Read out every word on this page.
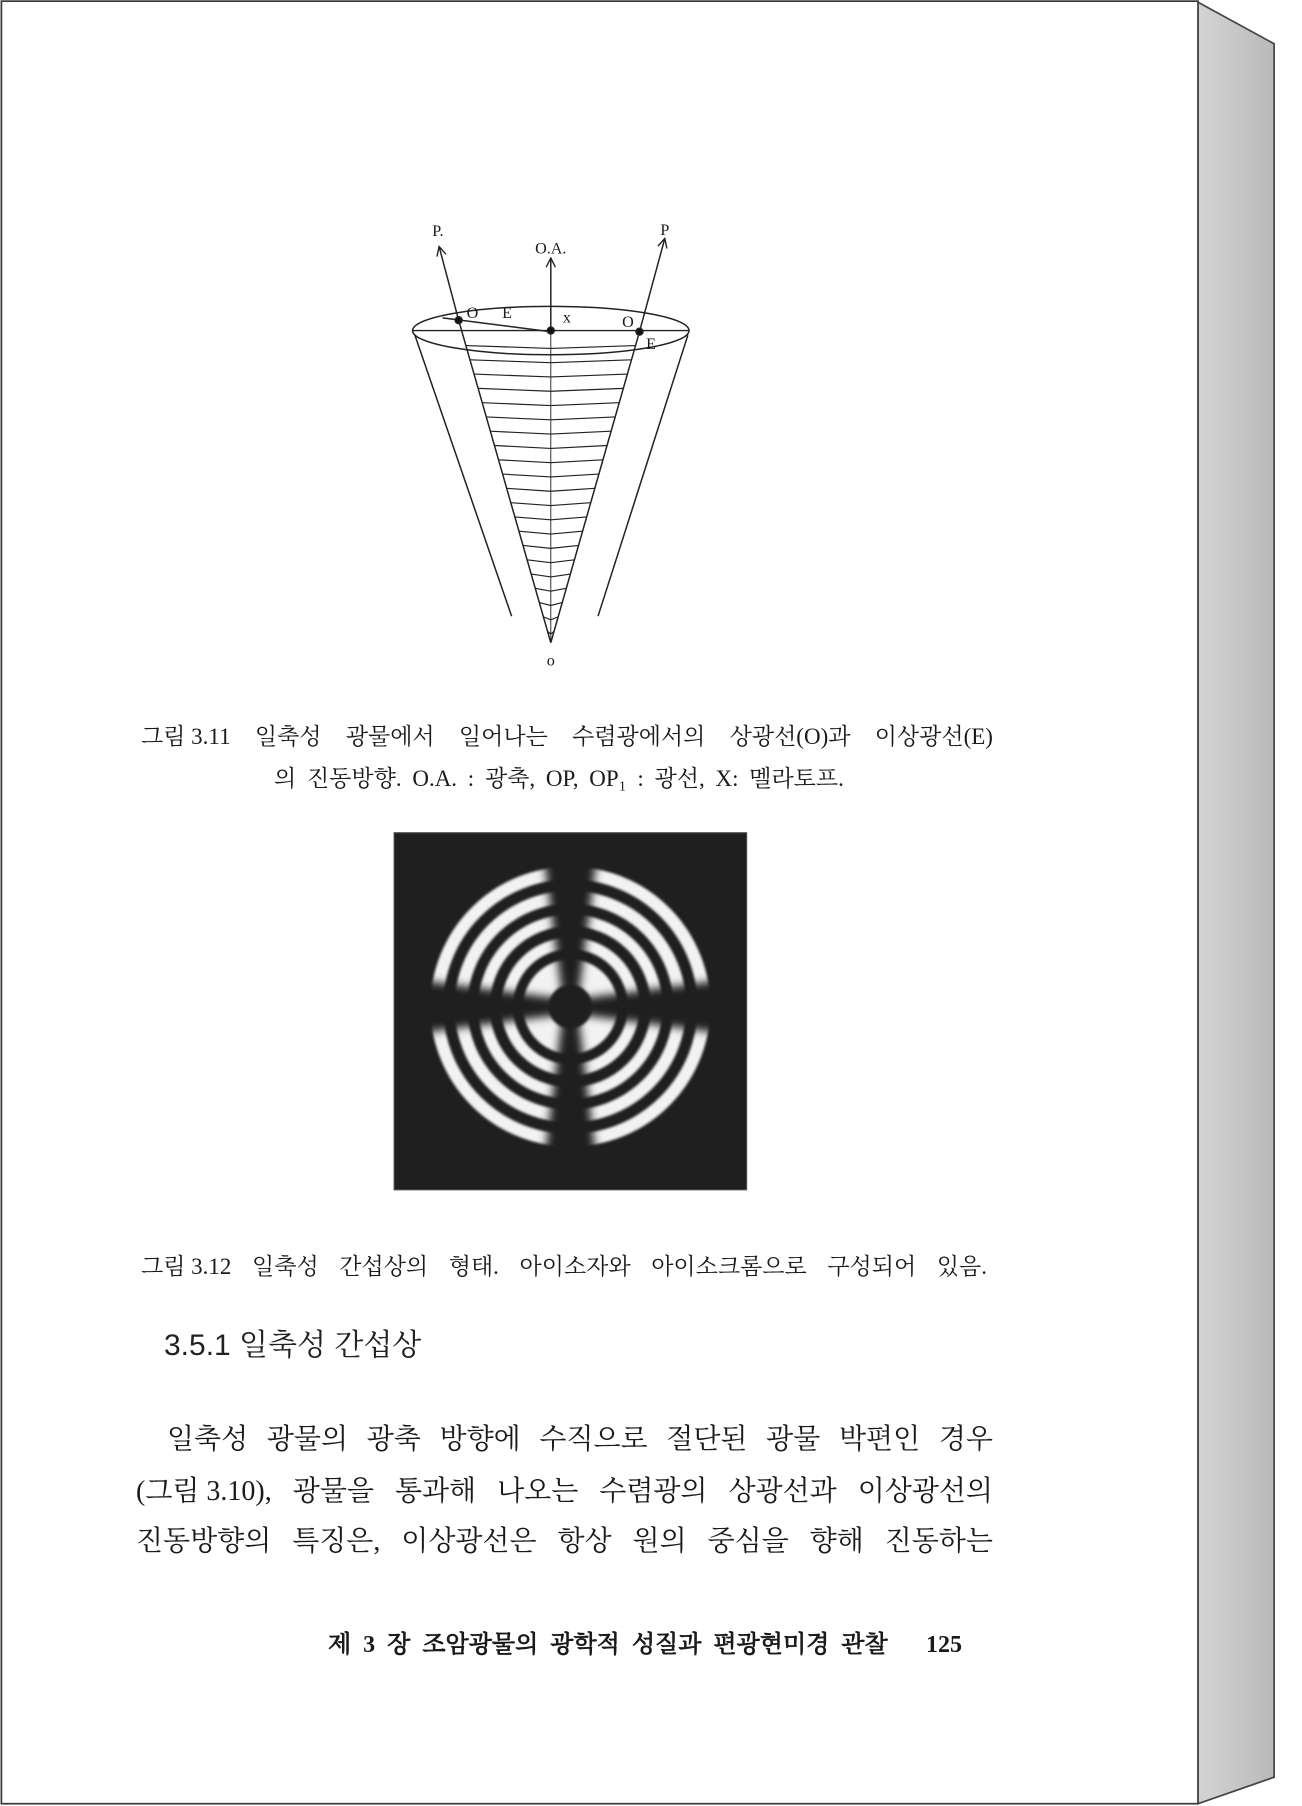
P.
O.A.
P
O E	x	O
E
o
그림 3.11 일축성 광물에서 일어나는 수렴광에서의 상광선(O)과 이상광선(E)
의 진동방향. O.A. : 광축, OP, OP₁ : 광선, X: 멜라토프.
그림 3.12 일축성 간섭상의 형태. 아이소자와 아이소크롬으로 구성되어 있음.
3.5.1 일축성 간섭상
일축성 광물의 광축 방향에 수직으로 절단된 광물 박편인 경우
(그림 3.10), 광물을 통과해 나오는 수렴광의 상광선과 이상광선의
진동방향의 특징은, 이상광선은 항상 원의 중심을 향해 진동하는
제 3 장 조암광물의 광학적 성질과 편광현미경 관찰 125
